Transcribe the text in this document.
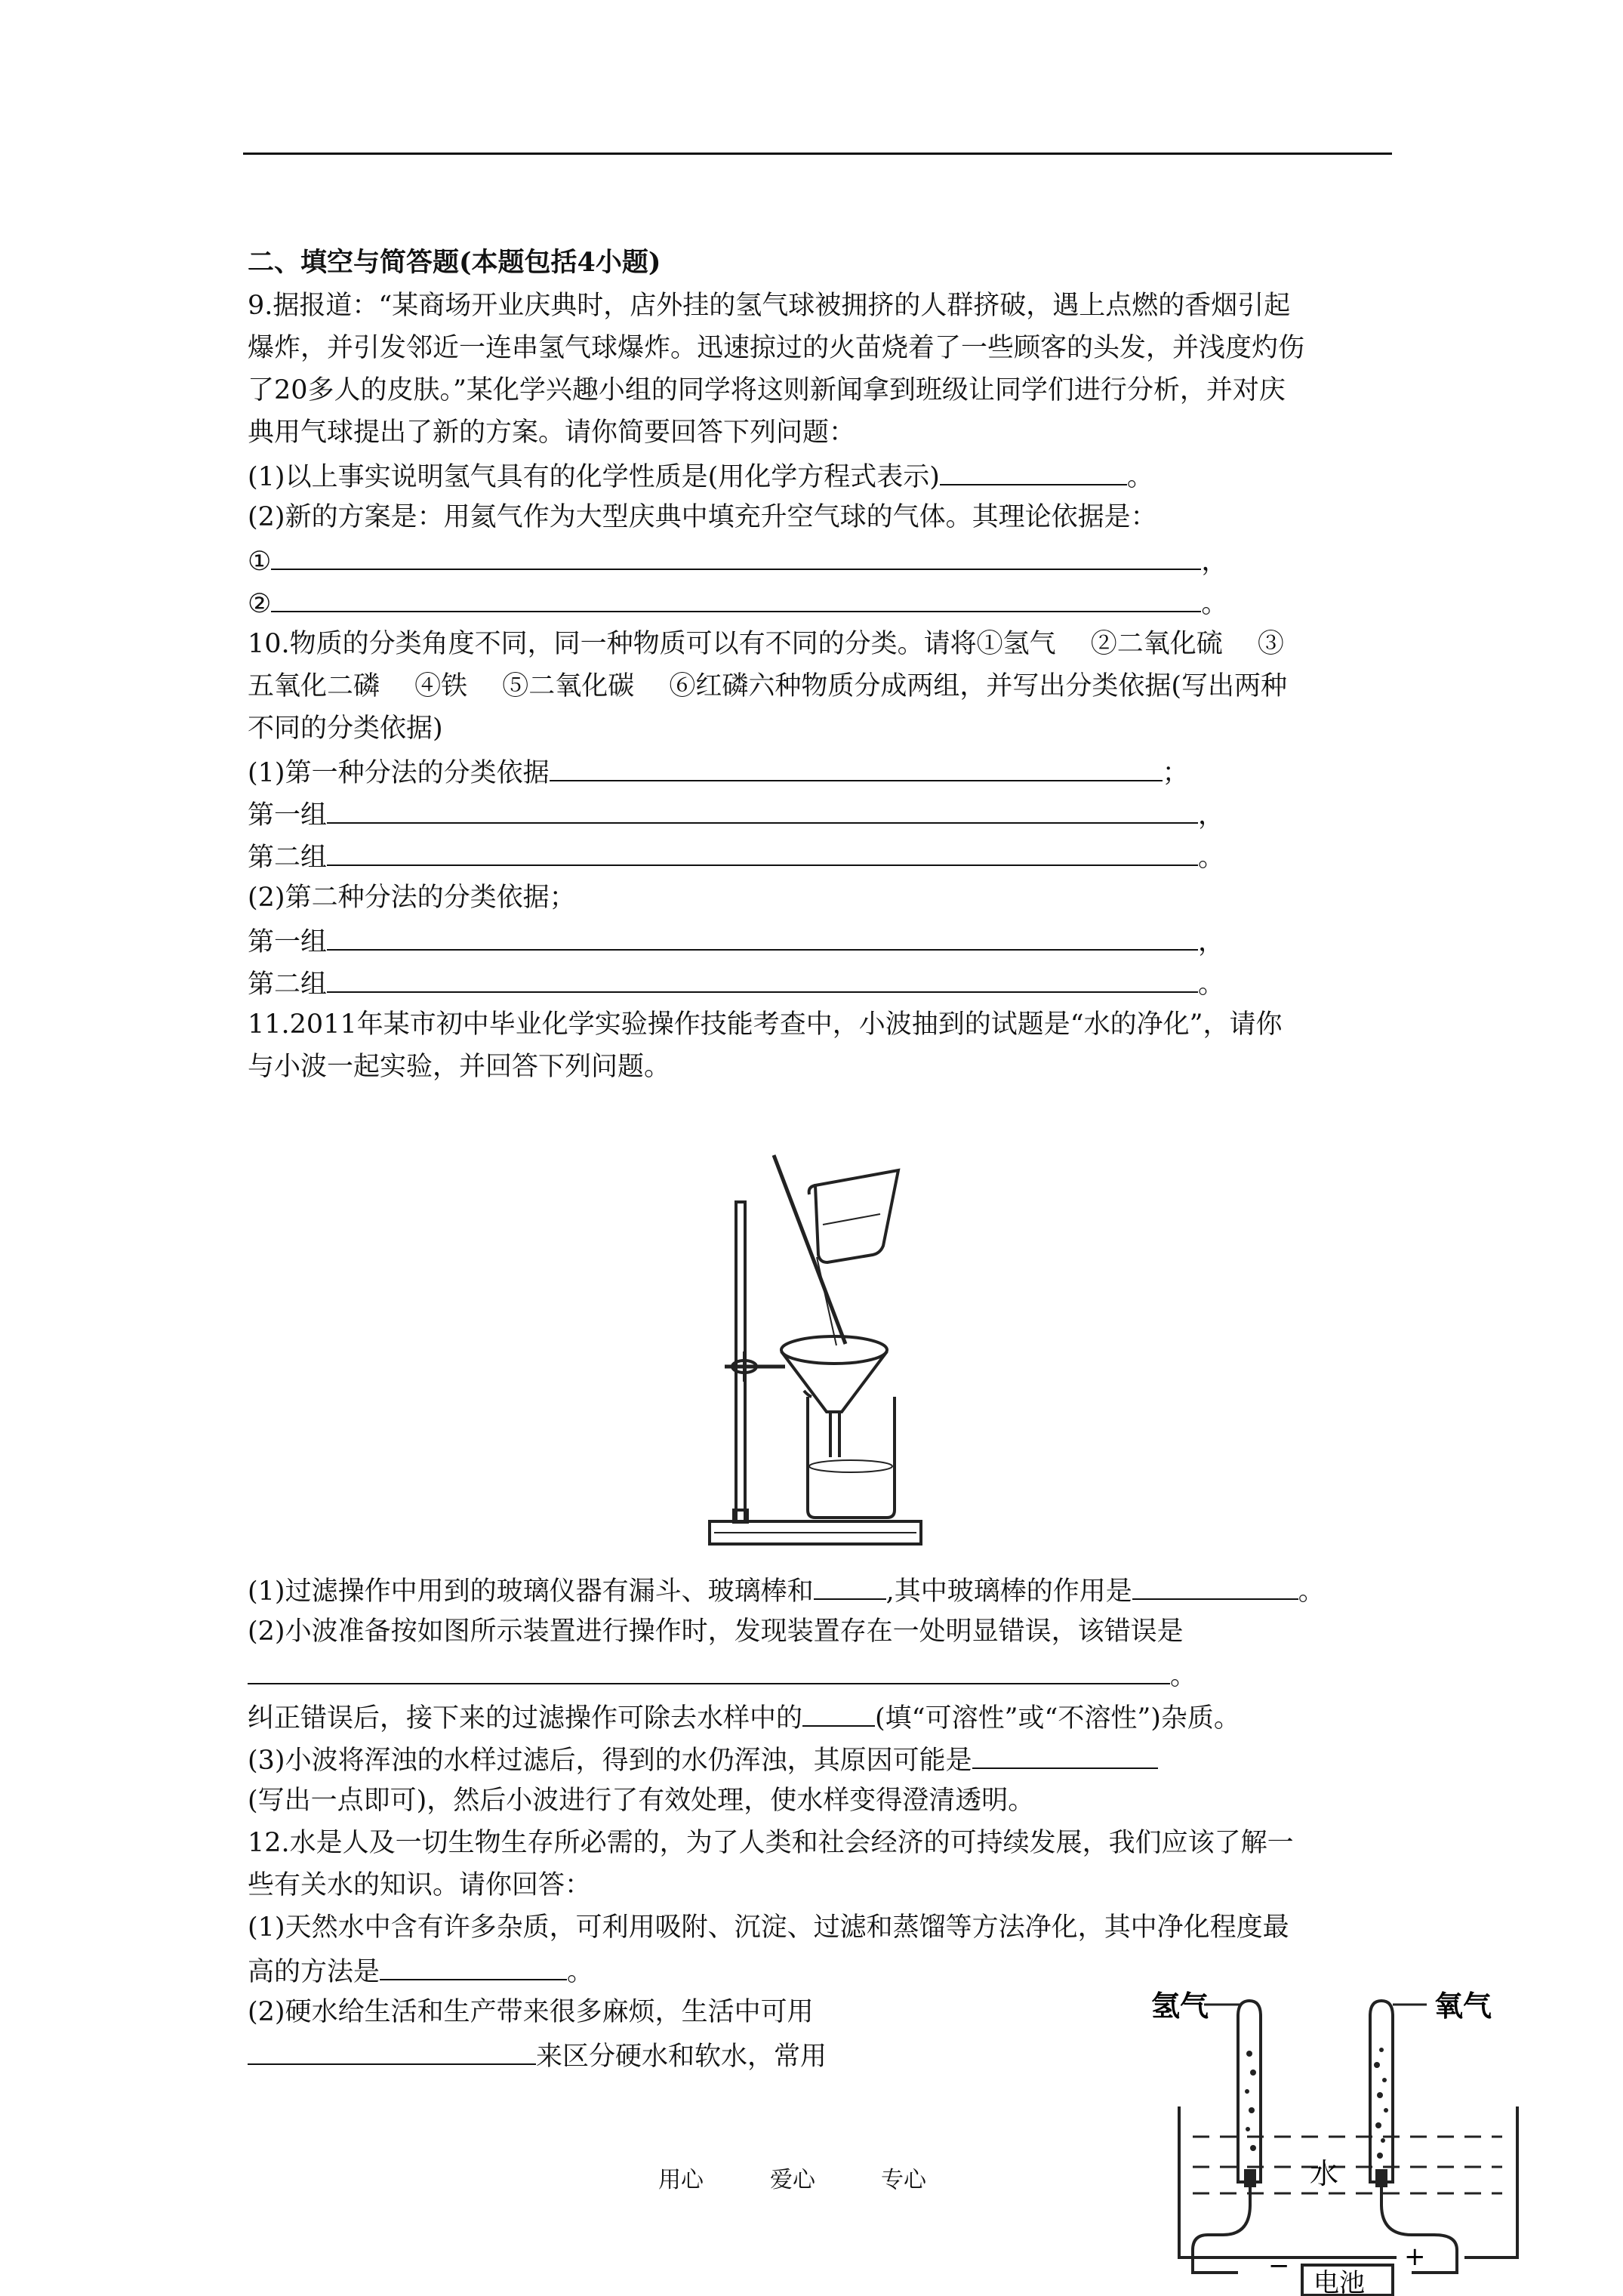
二、填空与简答题(本题包括4小题)
9.据报道：“某商场开业庆典时，店外挂的氢气球被拥挤的人群挤破，遇上点燃的香烟引起
爆炸，并引发邻近一连串氢气球爆炸。迅速掠过的火苗烧着了一些顾客的头发，并浅度灼伤
了20多人的皮肤。”某化学兴趣小组的同学将这则新闻拿到班级让同学们进行分析，并对庆
典用气球提出了新的方案。请你简要回答下列问题：
(1)以上事实说明氢气具有的化学性质是(用化学方程式表示)	。
(2)新的方案是：用氦气作为大型庆典中填充升空气球的气体。其理论依据是：
①	，
②	。
10.物质的分类角度不同，同一种物质可以有不同的分类。请将①氢气　 ②二氧化硫　 ③
五氧化二磷　 ④铁　 ⑤二氧化碳　 ⑥红磷六种物质分成两组，并写出分类依据(写出两种
不同的分类依据)
(1)第一种分法的分类依据	；
第一组	，
第二组	。
(2)第二种分法的分类依据；
第一组	，
第二组	。
11.2011年某市初中毕业化学实验操作技能考查中，小波抽到的试题是“水的净化”，请你
与小波一起实验，并回答下列问题。
(1)过滤操作中用到的玻璃仪器有漏斗、玻璃棒和	,其中玻璃棒的作用是	。
(2)小波准备按如图所示装置进行操作时，发现装置存在一处明显错误，该错误是
。
纠正错误后，接下来的过滤操作可除去水样中的	(填“可溶性”或“不溶性”)杂质。
(3)小波将浑浊的水样过滤后，得到的水仍浑浊，其原因可能是
(写出一点即可)，然后小波进行了有效处理，使水样变得澄清透明。
12.水是人及一切生物生存所必需的，为了人类和社会经济的可持续发展，我们应该了解一
些有关水的知识。请你回答：
(1)天然水中含有许多杂质，可利用吸附、沉淀、过滤和蒸馏等方法净化，其中净化程度最
高的方法是	。
(2)硬水给生活和生产带来很多麻烦，生活中可用
来区分硬水和软水，常用
氢气	氧气
水
电池
−	+
用心	爱心	专心
